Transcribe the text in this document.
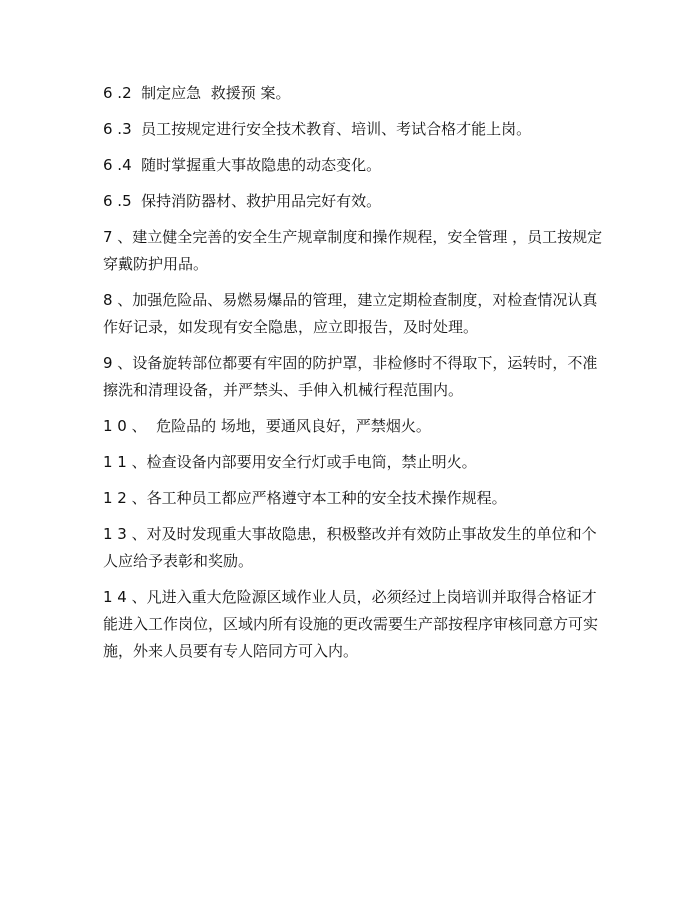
6 .2  制定应急  救援预 案。

6 .3  员工按规定进行安全技术教育、培训、考试合格才能上岗。

6 .4  随时掌握重大事故隐患的动态变化。

6 .5  保持消防器材、救护用品完好有效。

7 、建立健全完善的安全生产规章制度和操作规程，安全管理 ，员工按规定穿戴防护用品。

8 、加强危险品、易燃易爆品的管理，建立定期检查制度，对检查情况认真作好记录，如发现有安全隐患，应立即报告，及时处理。

9 、设备旋转部位都要有牢固的防护罩，非检修时不得取下，运转时，不准擦洗和清理设备，并严禁头、手伸入机械行程范围内。

1 0 、  危险品的 场地，要通风良好，严禁烟火。

1 1 、检查设备内部要用安全行灯或手电筒，禁止明火。

1 2 、各工种员工都应严格遵守本工种的安全技术操作规程。

1 3 、对及时发现重大事故隐患，积极整改并有效防止事故发生的单位和个人应给予表彰和奖励。

1 4 、凡进入重大危险源区域作业人员，必须经过上岗培训并取得合格证才能进入工作岗位，区域内所有设施的更改需要生产部按程序审核同意方可实施，外来人员要有专人陪同方可入内。
